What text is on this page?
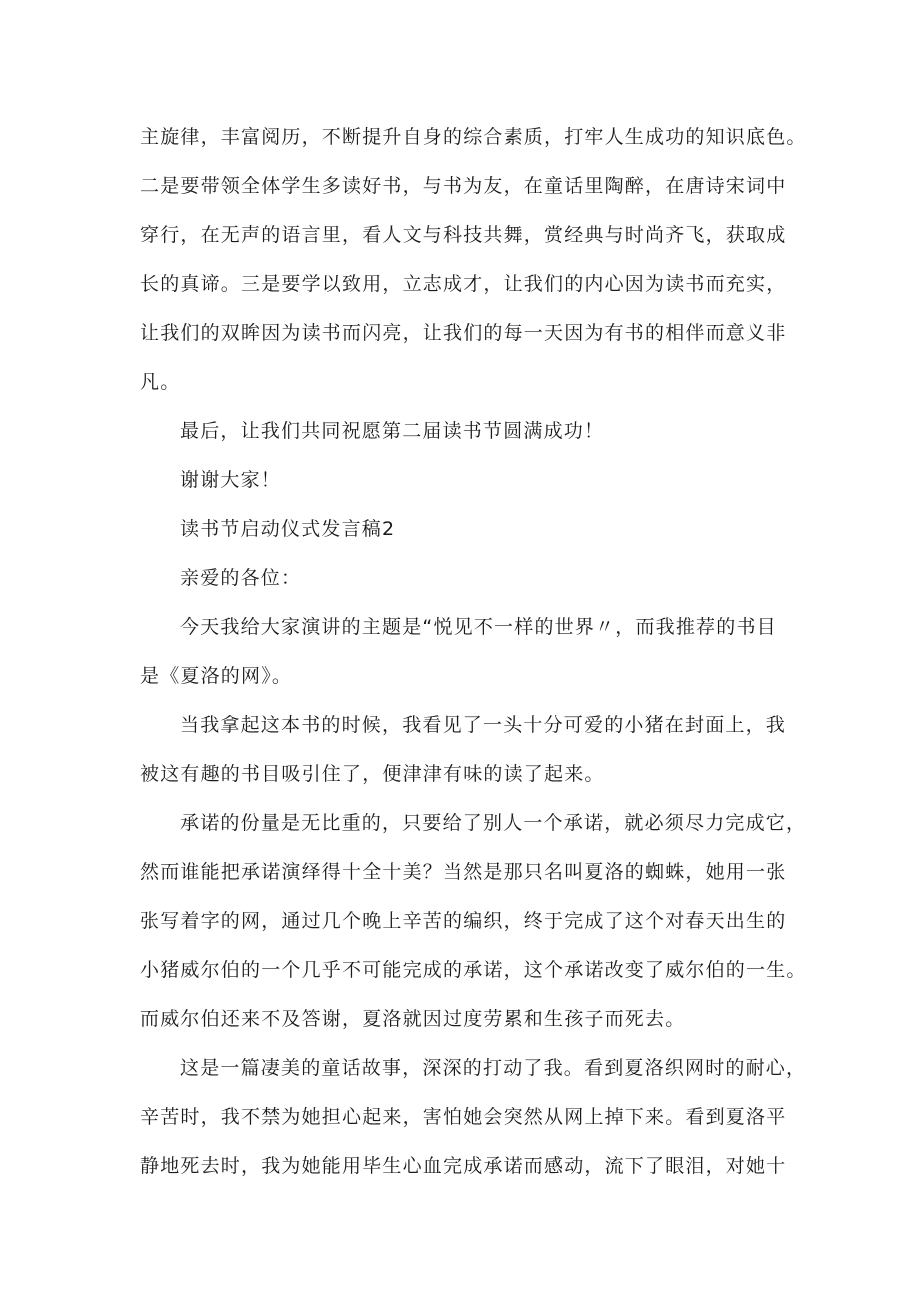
主旋律，丰富阅历，不断提升自身的综合素质，打牢人生成功的知识底色。
二是要带领全体学生多读好书，与书为友，在童话里陶醉，在唐诗宋词中
穿行，在无声的语言里，看人文与科技共舞，赏经典与时尚齐飞，获取成
长的真谛。三是要学以致用，立志成才，让我们的内心因为读书而充实，
让我们的双眸因为读书而闪亮，让我们的每一天因为有书的相伴而意义非
凡。
最后，让我们共同祝愿第二届读书节圆满成功！
谢谢大家！
读书节启动仪式发言稿2
亲爱的各位：
今天我给大家演讲的主题是“悦见不一样的世界〃，而我推荐的书目
是《夏洛的网》。
当我拿起这本书的时候，我看见了一头十分可爱的小猪在封面上，我
被这有趣的书目吸引住了，便津津有味的读了起来。
承诺的份量是无比重的，只要给了别人一个承诺，就必须尽力完成它，
然而谁能把承诺演绎得十全十美？当然是那只名叫夏洛的蜘蛛，她用一张
张写着字的网，通过几个晚上辛苦的编织，终于完成了这个对春天出生的
小猪威尔伯的一个几乎不可能完成的承诺，这个承诺改变了威尔伯的一生。
而威尔伯还来不及答谢，夏洛就因过度劳累和生孩子而死去。
这是一篇凄美的童话故事，深深的打动了我。看到夏洛织网时的耐心，
辛苦时，我不禁为她担心起来，害怕她会突然从网上掉下来。看到夏洛平
静地死去时，我为她能用毕生心血完成承诺而感动，流下了眼泪，对她十
